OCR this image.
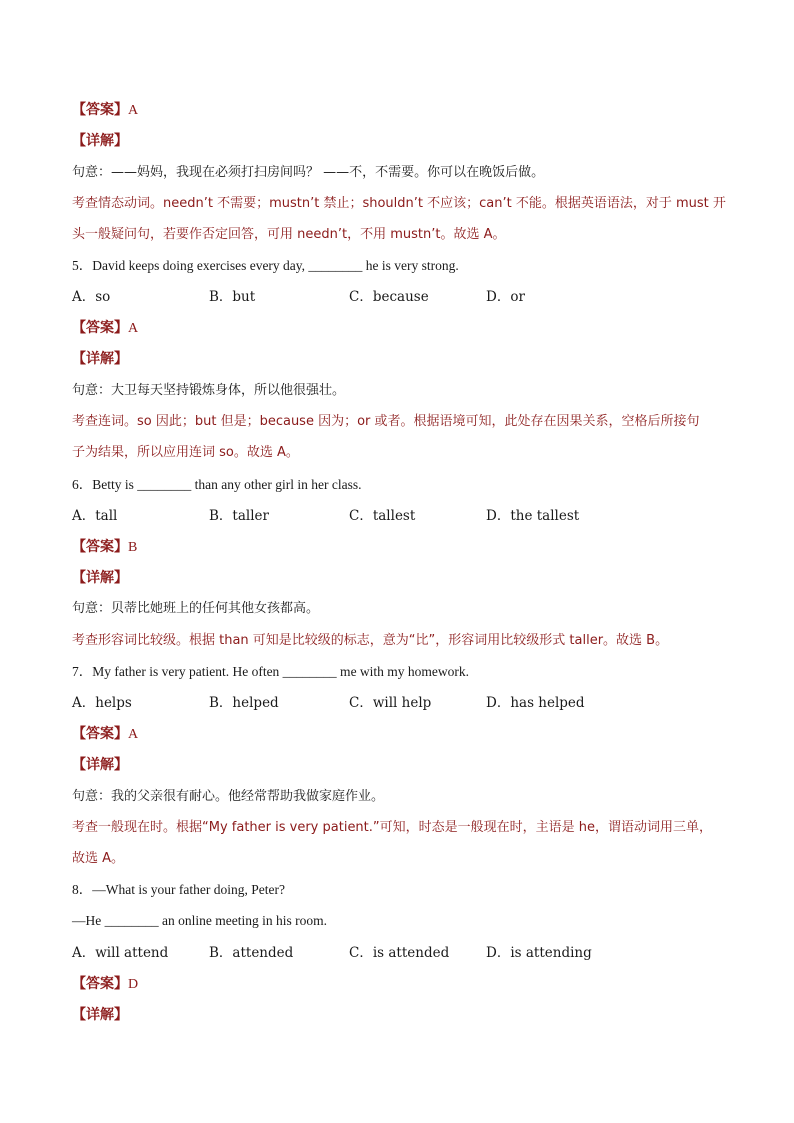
【答案】A
【详解】
句意：——妈妈，我现在必须打扫房间吗？ ——不，不需要。你可以在晚饭后做。
考查情态动词。needn’t 不需要；mustn’t 禁止；shouldn’t 不应该；can’t 不能。根据英语语法，对于 must 开
头一般疑问句，若要作否定回答，可用 needn’t，不用 mustn’t。故选 A。
5．David keeps doing exercises every day, ________ he is very strong.
A．so	B．but	C．because	D．or
【答案】A
【详解】
句意：大卫每天坚持锻炼身体，所以他很强壮。
考查连词。so 因此；but 但是；because 因为；or 或者。根据语境可知，此处存在因果关系，空格后所接句
子为结果，所以应用连词 so。故选 A。
6．Betty is ________ than any other girl in her class.
A．tall	B．taller	C．tallest	D．the tallest
【答案】B
【详解】
句意：贝蒂比她班上的任何其他女孩都高。
考查形容词比较级。根据 than 可知是比较级的标志，意为“比”，形容词用比较级形式 taller。故选 B。
7．My father is very patient. He often ________ me with my homework.
A．helps	B．helped	C．will help	D．has helped
【答案】A
【详解】
句意：我的父亲很有耐心。他经常帮助我做家庭作业。
考查一般现在时。根据“My father is very patient.”可知，时态是一般现在时，主语是 he，谓语动词用三单，
故选 A。
8．—What is your father doing, Peter?
—He ________ an online meeting in his room.
A．will attend	B．attended	C．is attended	D．is attending
【答案】D
【详解】
